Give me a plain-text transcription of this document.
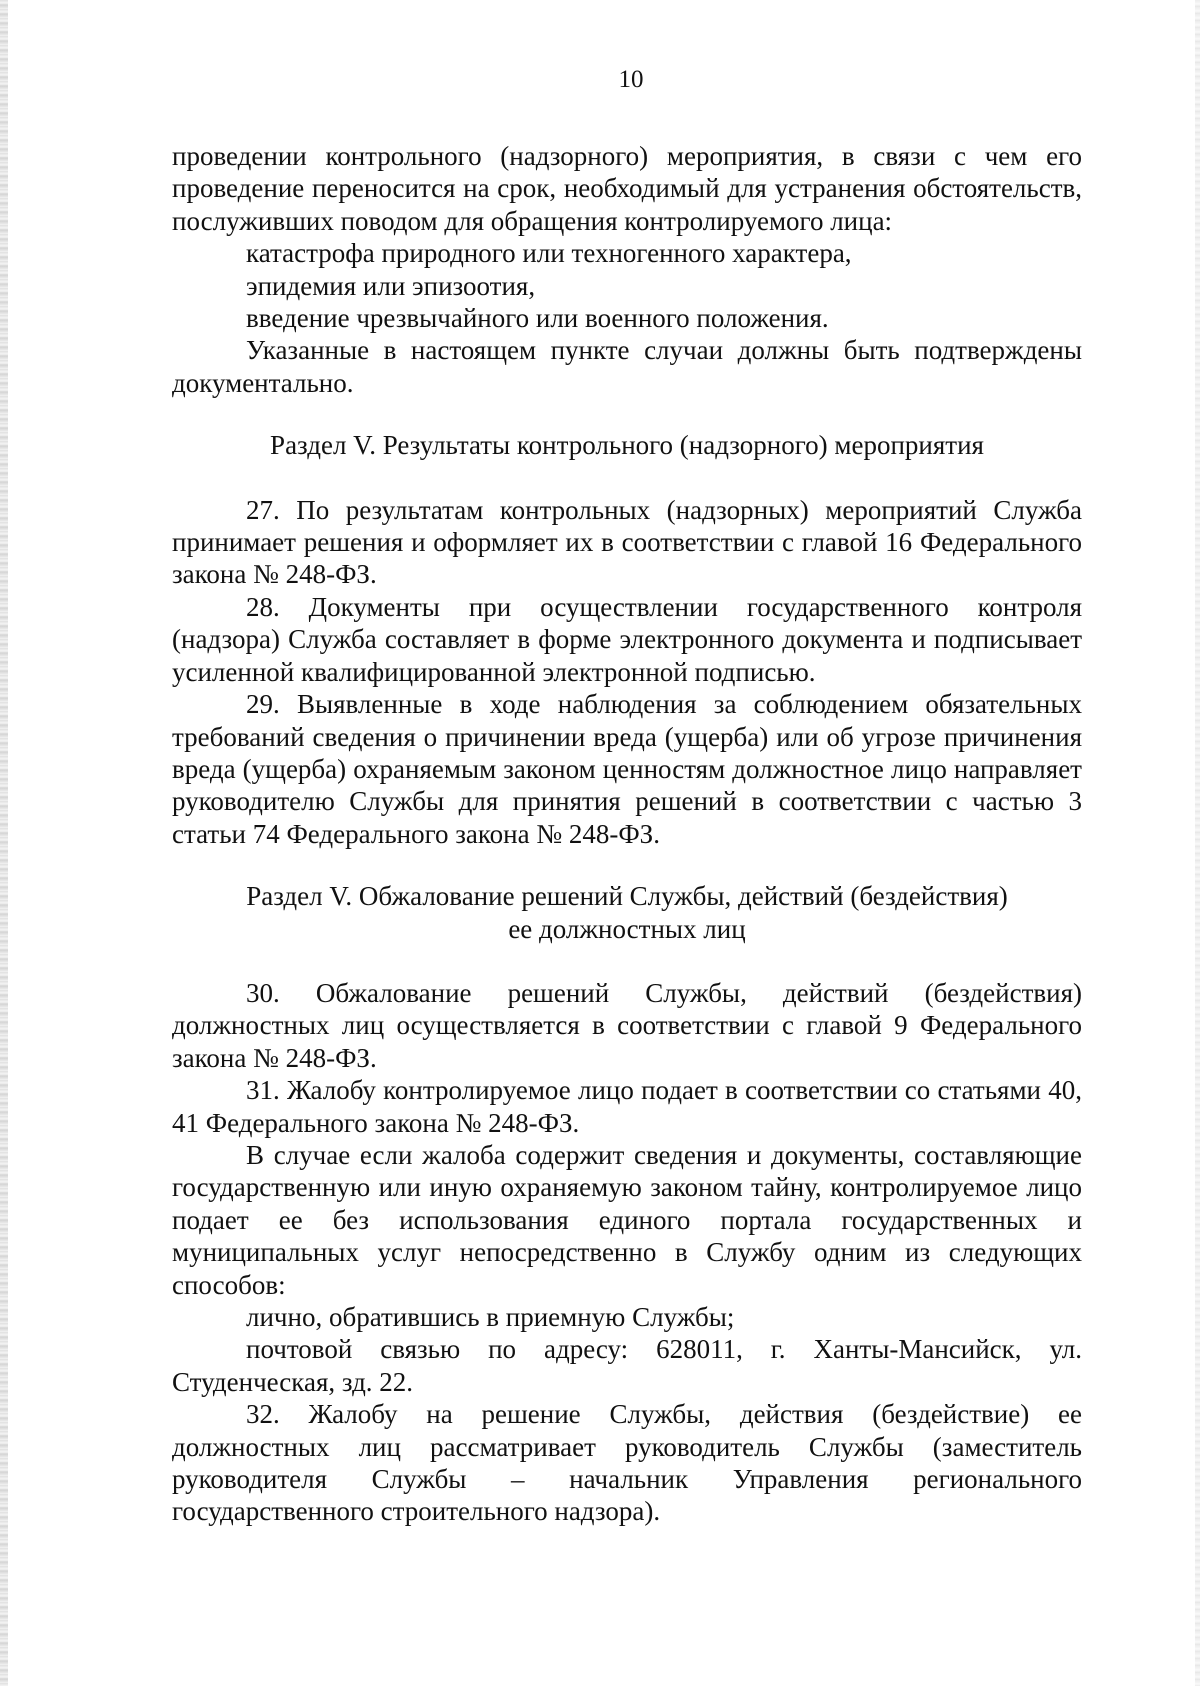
10

проведении контрольного (надзорного) мероприятия, в связи с чем его проведение переносится на срок, необходимый для устранения обстоятельств, послуживших поводом для обращения контролируемого лица:

катастрофа природного или техногенного характера,

эпидемия или эпизоотия,

введение чрезвычайного или военного положения.

Указанные в настоящем пункте случаи должны быть подтверждены документально.

Раздел V. Результаты контрольного (надзорного) мероприятия

27. По результатам контрольных (надзорных) мероприятий Служба принимает решения и оформляет их в соответствии с главой 16 Федерального закона № 248-ФЗ.

28. Документы при осуществлении государственного контроля (надзора) Служба составляет в форме электронного документа и подписывает усиленной квалифицированной электронной подписью.

29. Выявленные в ходе наблюдения за соблюдением обязательных требований сведения о причинении вреда (ущерба) или об угрозе причинения вреда (ущерба) охраняемым законом ценностям должностное лицо направляет руководителю Службы для принятия решений в соответствии с частью 3 статьи 74 Федерального закона № 248-ФЗ.

Раздел V. Обжалование решений Службы, действий (бездействия)

ее должностных лиц

30. Обжалование решений Службы, действий (бездействия) должностных лиц осуществляется в соответствии с главой 9 Федерального закона № 248-ФЗ.

31. Жалобу контролируемое лицо подает в соответствии со статьями 40, 41 Федерального закона № 248-ФЗ.

В случае если жалоба содержит сведения и документы, составляющие государственную или иную охраняемую законом тайну, контролируемое лицо подает ее без использования единого портала государственных и муниципальных услуг непосредственно в Службу одним из следующих способов:

лично, обратившись в приемную Службы;

почтовой связью по адресу: 628011, г. Ханты-Мансийск, ул. Студенческая, зд. 22.

32. Жалобу на решение Службы, действия (бездействие) ее должностных лиц рассматривает руководитель Службы (заместитель руководителя Службы – начальник Управления регионального государственного строительного надзора).
